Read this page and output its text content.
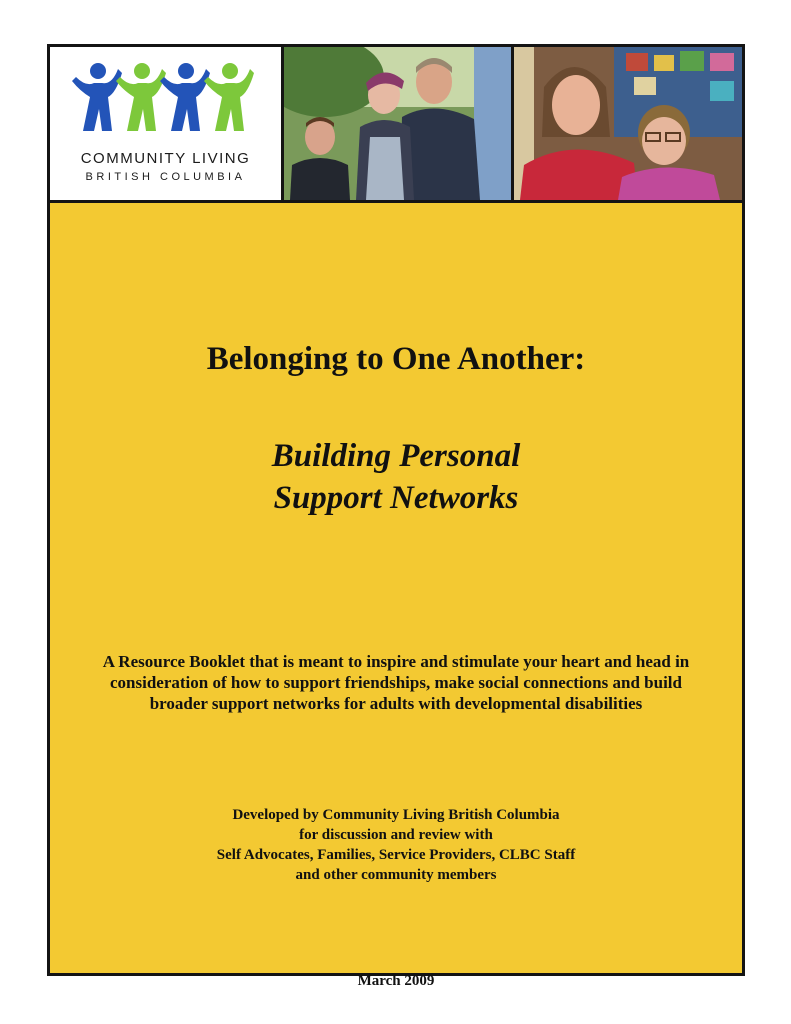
COMMUNITY LIVING
BRITISH COLUMBIA
Belonging to One Another:
Building Personal
Support Networks

A Resource Booklet that is meant to inspire and stimulate your heart and head in consideration of how to support friendships, make social connections and build broader support networks for adults with developmental disabilities

Developed by Community Living British Columbia
for discussion and review with
Self Advocates, Families, Service Providers, CLBC Staff
and other community members
March 2009
